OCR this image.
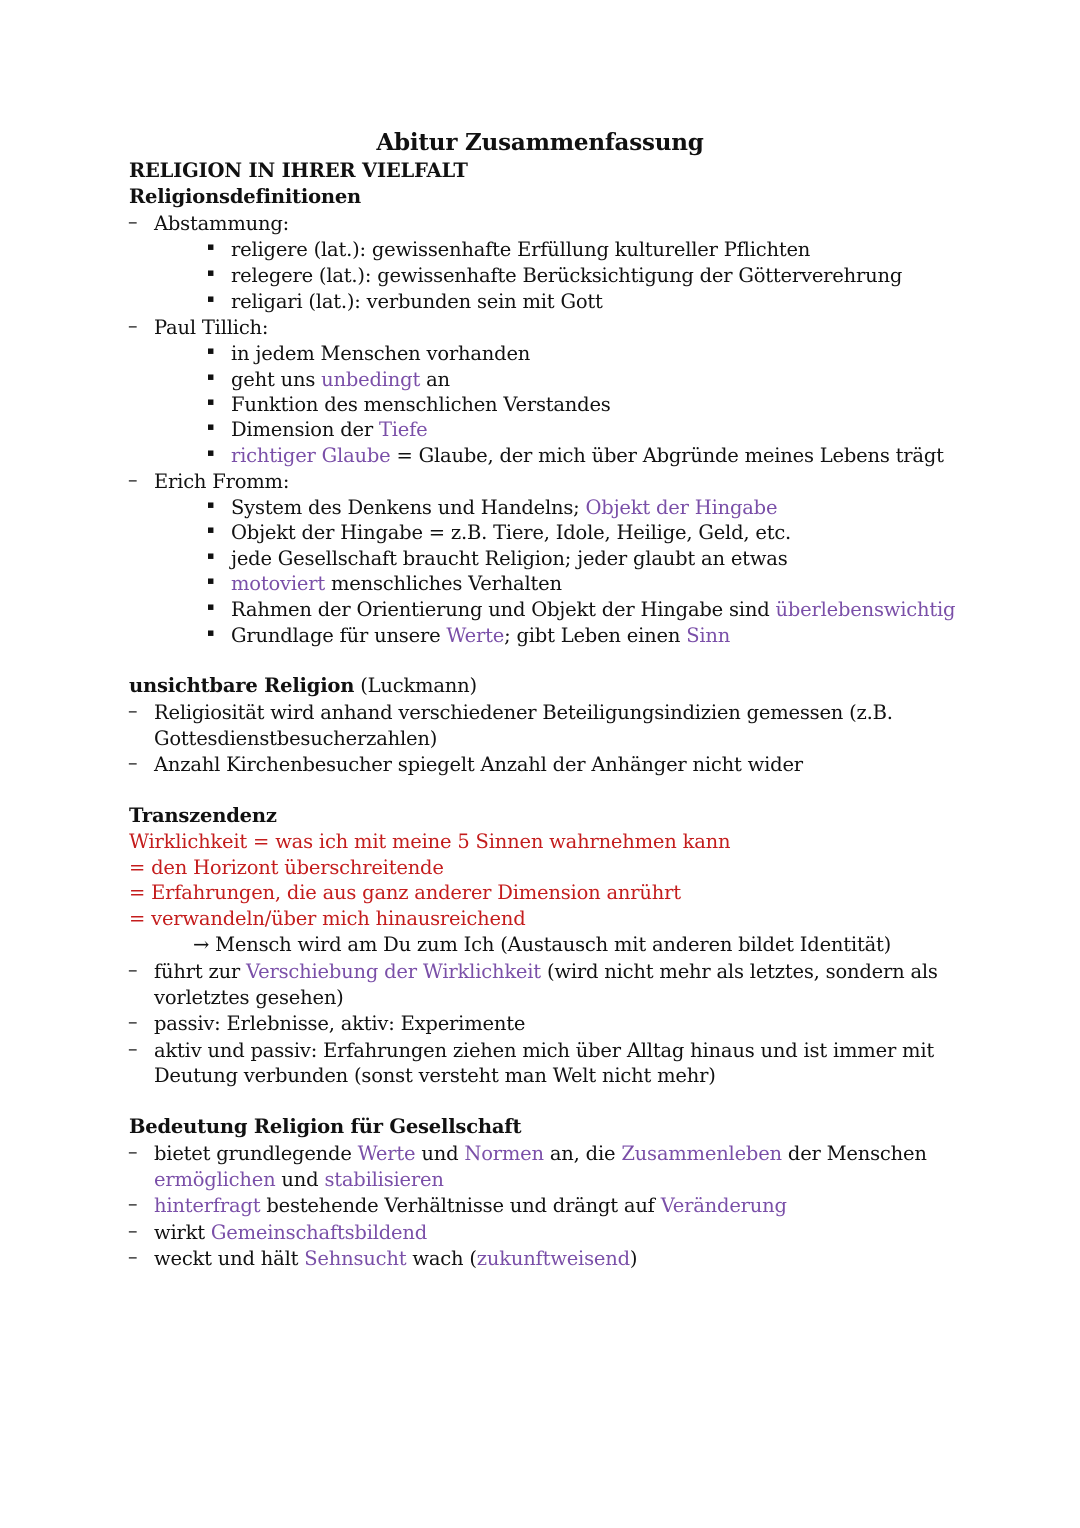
Abitur Zusammenfassung
RELIGION IN IHRER VIELFALT
Religionsdefinitionen
– Abstammung:
▪ religere (lat.): gewissenhafte Erfüllung kultureller Pflichten
▪ relegere (lat.): gewissenhafte Berücksichtigung der Götterverehrung
▪ religari (lat.): verbunden sein mit Gott
– Paul Tillich:
▪ in jedem Menschen vorhanden
▪ geht uns unbedingt an
▪ Funktion des menschlichen Verstandes
▪ Dimension der Tiefe
▪ richtiger Glaube = Glaube, der mich über Abgründe meines Lebens trägt
– Erich Fromm:
▪ System des Denkens und Handelns; Objekt der Hingabe
▪ Objekt der Hingabe = z.B. Tiere, Idole, Heilige, Geld, etc.
▪ jede Gesellschaft braucht Religion; jeder glaubt an etwas
▪ motoviert menschliches Verhalten
▪ Rahmen der Orientierung und Objekt der Hingabe sind überlebenswichtig
▪ Grundlage für unsere Werte; gibt Leben einen Sinn
unsichtbare Religion (Luckmann)
– Religiosität wird anhand verschiedener Beteiligungsindizien gemessen (z.B.
Gottesdienstbesucherzahlen)
– Anzahl Kirchenbesucher spiegelt Anzahl der Anhänger nicht wider
Transzendenz
Wirklichkeit = was ich mit meine 5 Sinnen wahrnehmen kann
= den Horizont überschreitende
= Erfahrungen, die aus ganz anderer Dimension anrührt
= verwandeln/über mich hinausreichend
→ Mensch wird am Du zum Ich (Austausch mit anderen bildet Identität)
– führt zur Verschiebung der Wirklichkeit (wird nicht mehr als letztes, sondern als
vorletztes gesehen)
– passiv: Erlebnisse, aktiv: Experimente
– aktiv und passiv: Erfahrungen ziehen mich über Alltag hinaus und ist immer mit
Deutung verbunden (sonst versteht man Welt nicht mehr)
Bedeutung Religion für Gesellschaft
– bietet grundlegende Werte und Normen an, die Zusammenleben der Menschen
ermöglichen und stabilisieren
– hinterfragt bestehende Verhältnisse und drängt auf Veränderung
– wirkt Gemeinschaftsbildend
– weckt und hält Sehnsucht wach (zukunftweisend)
